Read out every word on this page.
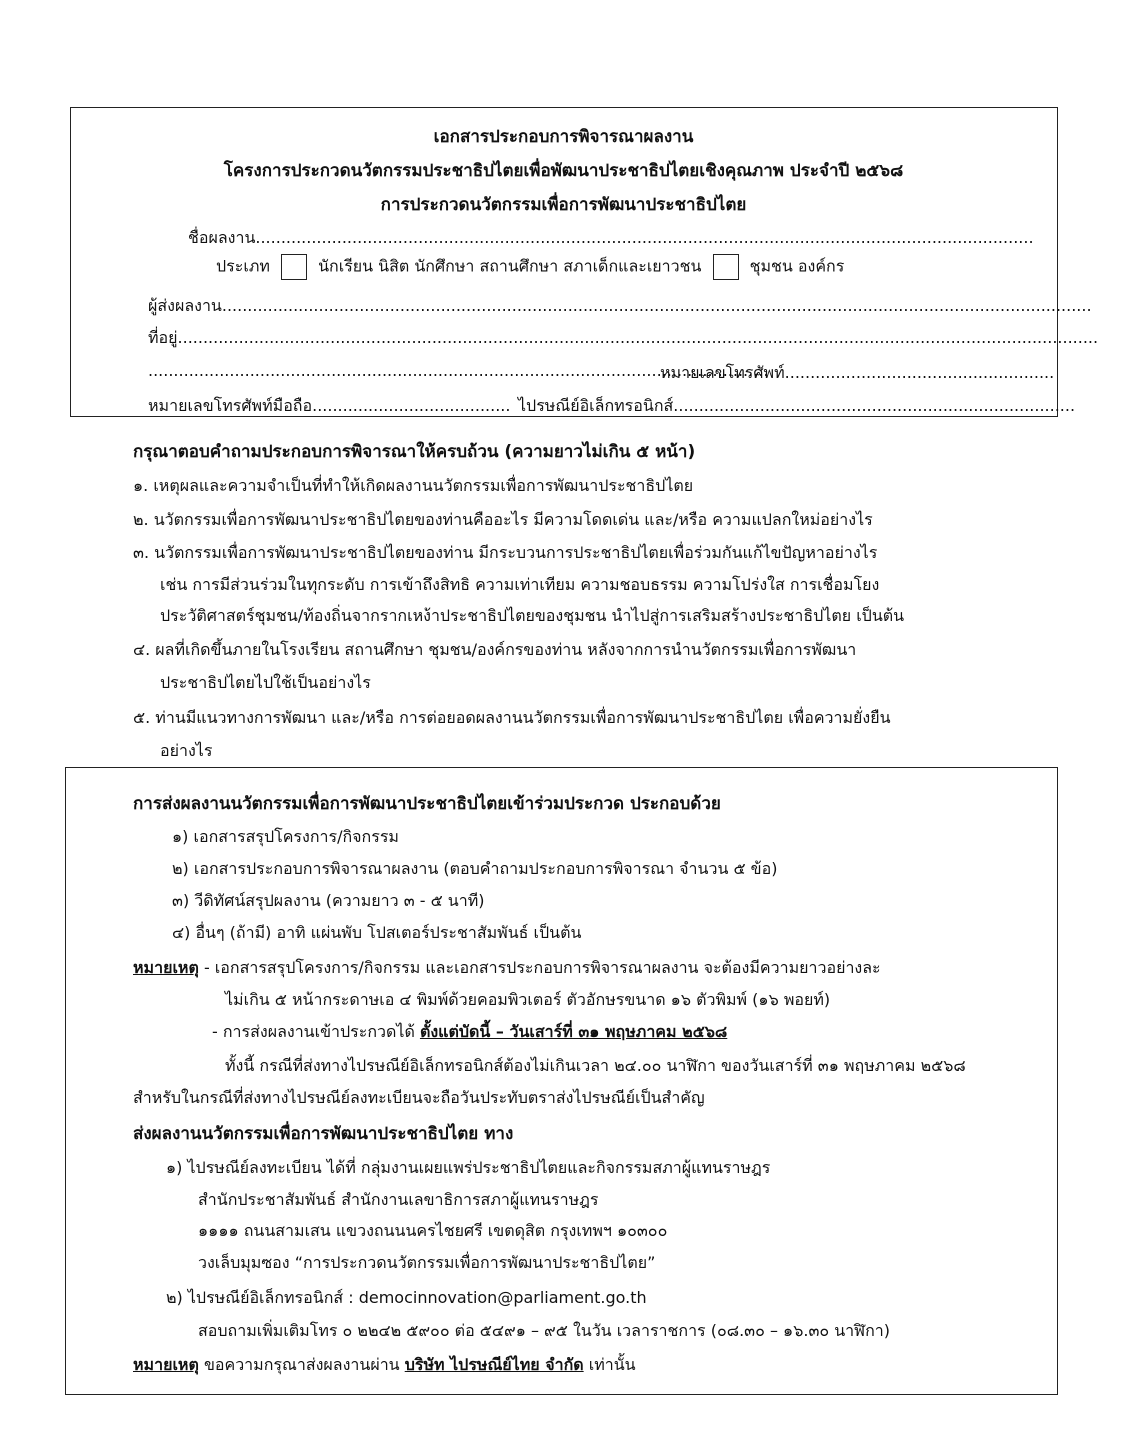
เอกสารประกอบการพิจารณาผลงาน
โครงการประกวดนวัตกรรมประชาธิปไตยเพื่อพัฒนาประชาธิปไตยเชิงคุณภาพ ประจำปี ๒๕๖๘
การประกวดนวัตกรรมเพื่อการพัฒนาประชาธิปไตย
ชื่อผลงาน.........................................................................................................................................................
ประเภท	นักเรียน นิสิต นักศึกษา สถานศึกษา สภาเด็กและเยาวชน	ชุมชน องค์กร
ผู้ส่งผลงาน...........................................................................................................................................................................
ที่อยู่.....................................................................................................................................................................................
..........................................................................................................................
หมายเลขโทรศัพท์.....................................................
หมายเลขโทรศัพท์มือถือ....................................... ไปรษณีย์อิเล็กทรอนิกส์...............................................................................
กรุณาตอบคำถามประกอบการพิจารณาให้ครบถ้วน (ความยาวไม่เกิน ๕ หน้า)
๑. เหตุผลและความจำเป็นที่ทำให้เกิดผลงานนวัตกรรมเพื่อการพัฒนาประชาธิปไตย
๒. นวัตกรรมเพื่อการพัฒนาประชาธิปไตยของท่านคืออะไร มีความโดดเด่น และ/หรือ ความแปลกใหม่อย่างไร
๓. นวัตกรรมเพื่อการพัฒนาประชาธิปไตยของท่าน มีกระบวนการประชาธิปไตยเพื่อร่วมกันแก้ไขปัญหาอย่างไร
เช่น การมีส่วนร่วมในทุกระดับ การเข้าถึงสิทธิ ความเท่าเทียม ความชอบธรรม ความโปร่งใส การเชื่อมโยง
ประวัติศาสตร์ชุมชน/ท้องถิ่นจากรากเหง้าประชาธิปไตยของชุมชน นำไปสู่การเสริมสร้างประชาธิปไตย เป็นต้น
๔. ผลที่เกิดขึ้นภายในโรงเรียน สถานศึกษา ชุมชน/องค์กรของท่าน หลังจากการนำนวัตกรรมเพื่อการพัฒนา
ประชาธิปไตยไปใช้เป็นอย่างไร
๕. ท่านมีแนวทางการพัฒนา และ/หรือ การต่อยอดผลงานนวัตกรรมเพื่อการพัฒนาประชาธิปไตย เพื่อความยั่งยืน
อย่างไร
การส่งผลงานนวัตกรรมเพื่อการพัฒนาประชาธิปไตยเข้าร่วมประกวด ประกอบด้วย
๑) เอกสารสรุปโครงการ/กิจกรรม
๒) เอกสารประกอบการพิจารณาผลงาน (ตอบคำถามประกอบการพิจารณา จำนวน ๕ ข้อ)
๓) วีดิทัศน์สรุปผลงาน (ความยาว ๓ - ๕ นาที)
๔) อื่นๆ (ถ้ามี) อาทิ แผ่นพับ โปสเตอร์ประชาสัมพันธ์ เป็นต้น
หมายเหตุ - เอกสารสรุปโครงการ/กิจกรรม และเอกสารประกอบการพิจารณาผลงาน จะต้องมีความยาวอย่างละ
ไม่เกิน ๕ หน้ากระดาษเอ ๔ พิมพ์ด้วยคอมพิวเตอร์ ตัวอักษรขนาด ๑๖ ตัวพิมพ์ (๑๖ พอยท์)
- การส่งผลงานเข้าประกวดได้ ตั้งแต่บัดนี้ – วันเสาร์ที่ ๓๑ พฤษภาคม ๒๕๖๘
ทั้งนี้ กรณีที่ส่งทางไปรษณีย์อิเล็กทรอนิกส์ต้องไม่เกินเวลา ๒๔.๐๐ นาฬิกา ของวันเสาร์ที่ ๓๑ พฤษภาคม ๒๕๖๘
สำหรับในกรณีที่ส่งทางไปรษณีย์ลงทะเบียนจะถือวันประทับตราส่งไปรษณีย์เป็นสำคัญ
ส่งผลงานนวัตกรรมเพื่อการพัฒนาประชาธิปไตย ทาง
๑) ไปรษณีย์ลงทะเบียน ได้ที่ กลุ่มงานเผยแพร่ประชาธิปไตยและกิจกรรมสภาผู้แทนราษฎร
สำนักประชาสัมพันธ์ สำนักงานเลขาธิการสภาผู้แทนราษฎร
๑๑๑๑ ถนนสามเสน แขวงถนนนครไชยศรี เขตดุสิต กรุงเทพฯ ๑๐๓๐๐
วงเล็บมุมซอง “การประกวดนวัตกรรมเพื่อการพัฒนาประชาธิปไตย”
๒) ไปรษณีย์อิเล็กทรอนิกส์ : democinnovation@parliament.go.th
สอบถามเพิ่มเติมโทร ๐ ๒๒๔๒ ๕๙๐๐ ต่อ ๕๔๙๑ – ๙๕ ในวัน เวลาราชการ (๐๘.๓๐ – ๑๖.๓๐ นาฬิกา)
หมายเหตุ ขอความกรุณาส่งผลงานผ่าน บริษัท ไปรษณีย์ไทย จำกัด เท่านั้น
